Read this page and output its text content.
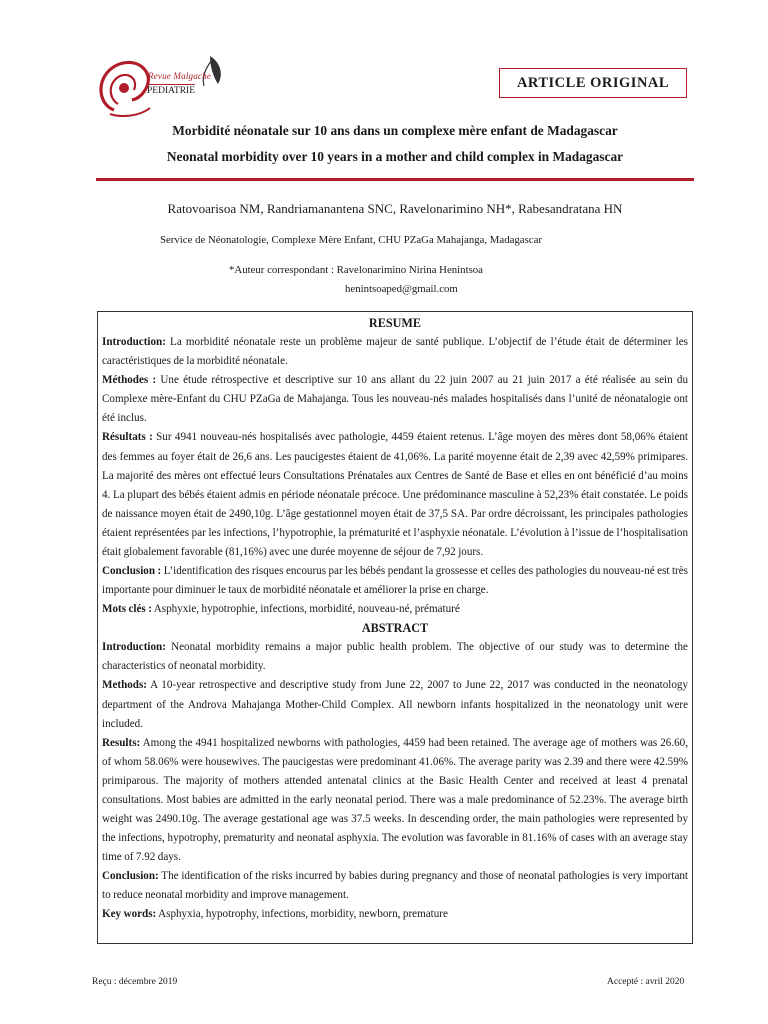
Revue Malgache
PEDIATRIE
ARTICLE ORIGINAL
Morbidité néonatale sur 10 ans dans un complexe mère enfant de Madagascar
Neonatal morbidity over 10 years in a mother and child complex in Madagascar
Ratovoarisoa NM, Randriamanantena SNC, Ravelonarimino NH*, Rabesandratana HN
Service de Néonatologie, Complexe Mère Enfant, CHU PZaGa Mahajanga, Madagascar
*Auteur correspondant : Ravelonarimino Nirina Henintsoa
henintsoaped@gmail.com
RESUME

Introduction: La morbidité néonatale reste un problème majeur de santé publique. L’objectif de l’étude était de déterminer les caractéristiques de la morbidité néonatale.

Méthodes : Une étude rétrospective et descriptive sur 10 ans allant du 22 juin 2007 au 21 juin 2017 a été réalisée au sein du Complexe mère-Enfant du CHU PZaGa de Mahajanga. Tous les nouveau-nés malades hospitalisés dans l’unité de néonatalogie ont été inclus.

Résultats : Sur 4941 nouveau-nés hospitalisés avec pathologie, 4459 étaient retenus. L’âge moyen des mères dont 58,06% étaient des femmes au foyer était de 26,6 ans. Les paucigestes étaient de 41,06%. La parité moyenne était de 2,39 avec 42,59% primipares. La majorité des mères ont effectué leurs Consultations Prénatales aux Centres de Santé de Base et elles en ont bénéficié d’au moins 4. La plupart des bébés étaient admis en période néonatale précoce. Une prédominance masculine à 52,23% était constatée. Le poids de naissance moyen était de 2490,10g. L’âge gestationnel moyen était de 37,5 SA. Par ordre décroissant, les principales pathologies étaient représentées par les infections, l’hypotrophie, la prématurité et l’asphyxie néonatale. L’évolution à l’issue de l’hospitalisation était globalement favorable (81,16%) avec une durée moyenne de séjour de 7,92 jours.

Conclusion : L’identification des risques encourus par les bébés pendant la grossesse et celles des pathologies du nouveau-né est très importante pour diminuer le taux de morbidité néonatale et améliorer la prise en charge.

Mots clés : Asphyxie, hypotrophie, infections, morbidité, nouveau-né, prématuré

ABSTRACT

Introduction: Neonatal morbidity remains a major public health problem. The objective of our study was to determine the characteristics of neonatal morbidity.

Methods: A 10-year retrospective and descriptive study from June 22, 2007 to June 22, 2017 was conducted in the neonatology department of the Androva Mahajanga Mother-Child Complex. All newborn infants hospitalized in the neonatology unit were included.

Results: Among the 4941 hospitalized newborns with pathologies, 4459 had been retained. The average age of mothers was 26.60, of whom 58.06% were housewives. The paucigestas were predominant 41.06%. The average parity was 2.39 and there were 42.59% primiparous. The majority of mothers attended antenatal clinics at the Basic Health Center and received at least 4 prenatal consultations. Most babies are admitted in the early neonatal period. There was a male predominance of 52.23%. The average birth weight was 2490.10g. The average gestational age was 37.5 weeks. In descending order, the main pathologies were represented by the infections, hypotrophy, prematurity and neonatal asphyxia. The evolution was favorable in 81.16% of cases with an average stay time of 7.92 days.

Conclusion: The identification of the risks incurred by babies during pregnancy and those of neonatal pathologies is very important to reduce neonatal morbidity and improve management.

Key words: Asphyxia, hypotrophy, infections, morbidity, newborn, premature

Reçu : décembre 2019	Accepté : avril 2020
